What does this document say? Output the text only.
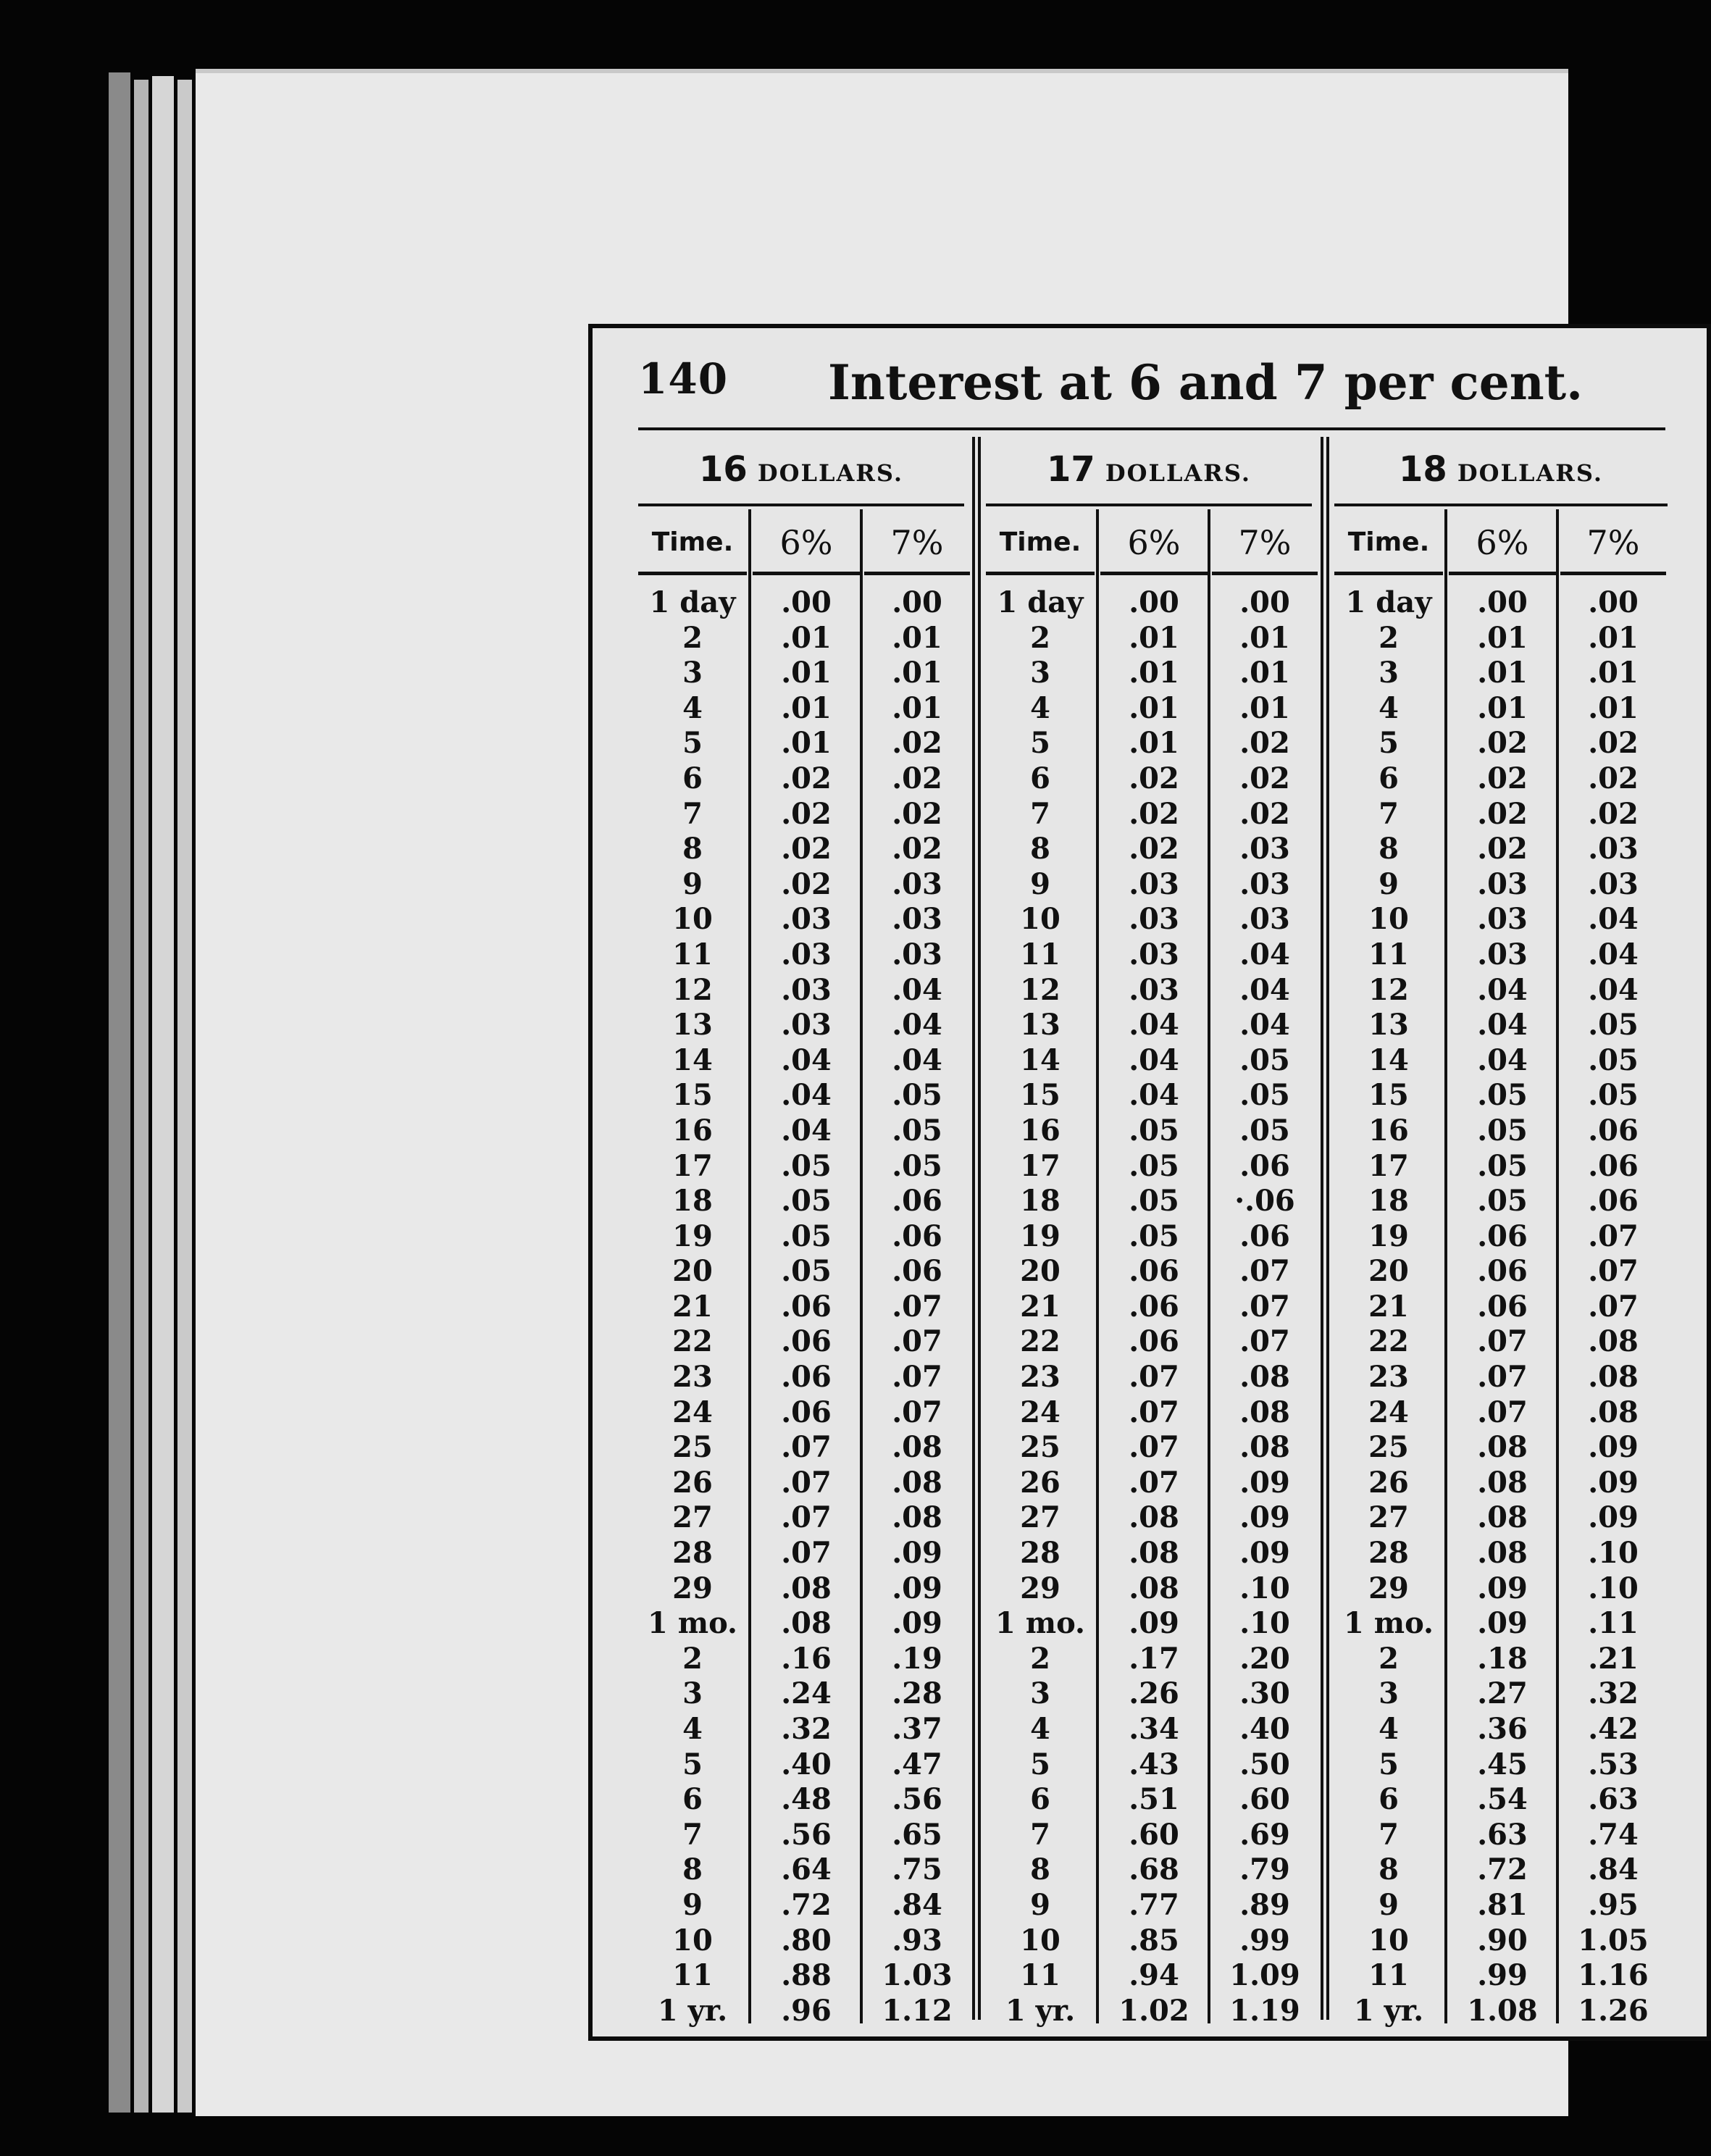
140 Interest at 6 and 7 per cent.
16 DOLLARS.
Time.	6%	7%
1 day	.00	.00
2	.01	.01
3	.01	.01
4	.01	.01
5	.01	.02
6	.02	.02
7	.02	.02
8	.02	.02
9	.02	.03
10	.03	.03
11	.03	.03
12	.03	.04
13	.03	.04
14	.04	.04
15	.04	.05
16	.04	.05
17	.05	.05
18	.05	.06
19	.05	.06
20	.05	.06
21	.06	.07
22	.06	.07
23	.06	.07
24	.06	.07
25	.07	.08
26	.07	.08
27	.07	.08
28	.07	.09
29	.08	.09
1 mo.	.08	.09
2	.16	.19
3	.24	.28
4	.32	.37
5	.40	.47
6	.48	.56
7	.56	.65
8	.64	.75
9	.72	.84
10	.80	.93
11	.88	1.03
1 yr.	.96	1.12
17 DOLLARS.
Time.	6%	7%
1 day	.00	.00
2	.01	.01
3	.01	.01
4	.01	.01
5	.01	.02
6	.02	.02
7	.02	.02
8	.02	.03
9	.03	.03
10	.03	.03
11	.03	.04
12	.03	.04
13	.04	.04
14	.04	.05
15	.04	.05
16	.05	.05
17	.05	.06
18	.05	·.06
19	.05	.06
20	.06	.07
21	.06	.07
22	.06	.07
23	.07	.08
24	.07	.08
25	.07	.08
26	.07	.09
27	.08	.09
28	.08	.09
29	.08	.10
1 mo.	.09	.10
2	.17	.20
3	.26	.30
4	.34	.40
5	.43	.50
6	.51	.60
7	.60	.69
8	.68	.79
9	.77	.89
10	.85	.99
11	.94	1.09
1 yr.	1.02	1.19
18 DOLLARS.
Time.	6%	7%
1 day	.00	.00
2	.01	.01
3	.01	.01
4	.01	.01
5	.02	.02
6	.02	.02
7	.02	.02
8	.02	.03
9	.03	.03
10	.03	.04
11	.03	.04
12	.04	.04
13	.04	.05
14	.04	.05
15	.05	.05
16	.05	.06
17	.05	.06
18	.05	.06
19	.06	.07
20	.06	.07
21	.06	.07
22	.07	.08
23	.07	.08
24	.07	.08
25	.08	.09
26	.08	.09
27	.08	.09
28	.08	.10
29	.09	.10
1 mo.	.09	.11
2	.18	.21
3	.27	.32
4	.36	.42
5	.45	.53
6	.54	.63
7	.63	.74
8	.72	.84
9	.81	.95
10	.90	1.05
11	.99	1.16
1 yr.	1.08	1.26
